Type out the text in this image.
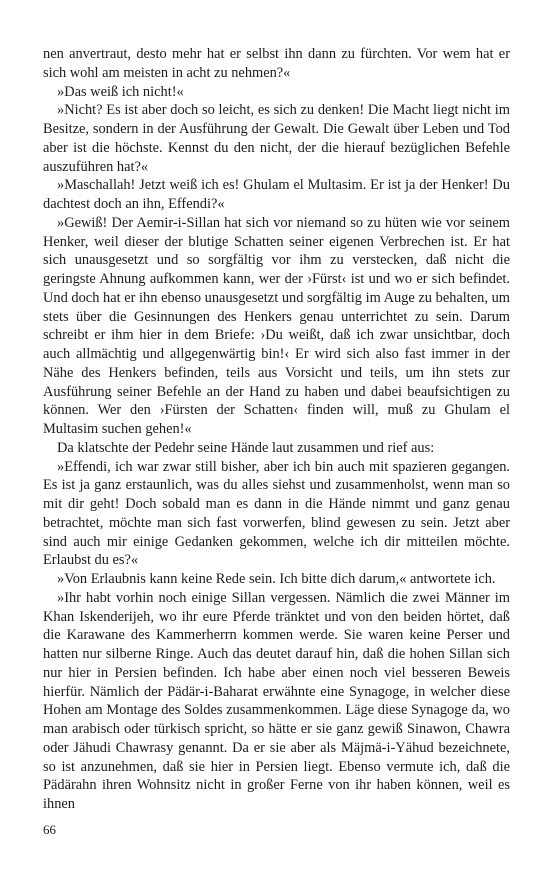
nen anvertraut, desto mehr hat er selbst ihn dann zu fürchten. Vor wem hat er sich wohl am meisten in acht zu nehmen?«

»Das weiß ich nicht!«

»Nicht? Es ist aber doch so leicht, es sich zu denken! Die Macht liegt nicht im Besitze, sondern in der Ausführung der Gewalt. Die Gewalt über Leben und Tod aber ist die höchste. Kennst du den nicht, der die hierauf bezüglichen Befehle auszuführen hat?«

»Maschallah! Jetzt weiß ich es! Ghulam el Multasim. Er ist ja der Henker! Du dachtest doch an ihn, Effendi?«

»Gewiß! Der Aemir-i-Sillan hat sich vor niemand so zu hüten wie vor seinem Henker, weil dieser der blutige Schatten seiner eigenen Verbrechen ist. Er hat sich unausgesetzt und so sorgfältig vor ihm zu verstecken, daß nicht die geringste Ahnung aufkommen kann, wer der ›Fürst‹ ist und wo er sich befindet. Und doch hat er ihn ebenso unausgesetzt und sorgfältig im Auge zu behalten, um stets über die Gesinnungen des Henkers genau unterrichtet zu sein. Darum schreibt er ihm hier in dem Briefe: ›Du weißt, daß ich zwar unsichtbar, doch auch allmächtig und allgegenwärtig bin!‹ Er wird sich also fast immer in der Nähe des Henkers befinden, teils aus Vorsicht und teils, um ihn stets zur Ausführung seiner Befehle an der Hand zu haben und dabei beaufsichtigen zu können. Wer den ›Fürsten der Schatten‹ finden will, muß zu Ghulam el Multasim suchen gehen!«

Da klatschte der Pedehr seine Hände laut zusammen und rief aus:

»Effendi, ich war zwar still bisher, aber ich bin auch mit spazieren gegangen. Es ist ja ganz erstaunlich, was du alles siehst und zusammenholst, wenn man so mit dir geht! Doch sobald man es dann in die Hände nimmt und ganz genau betrachtet, möchte man sich fast vorwerfen, blind gewesen zu sein. Jetzt aber sind auch mir einige Gedanken gekommen, welche ich dir mitteilen möchte. Erlaubst du es?«

»Von Erlaubnis kann keine Rede sein. Ich bitte dich darum,« antwortete ich.

»Ihr habt vorhin noch einige Sillan vergessen. Nämlich die zwei Männer im Khan Iskenderijeh, wo ihr eure Pferde tränktet und von den beiden hörtet, daß die Karawane des Kammerherrn kommen werde. Sie waren keine Perser und hatten nur silberne Ringe. Auch das deutet darauf hin, daß die hohen Sillan sich nur hier in Persien befinden. Ich habe aber einen noch viel besseren Beweis hierfür. Nämlich der Pädär-i-Baharat erwähnte eine Synagoge, in welcher diese Hohen am Montage des Soldes zusammenkommen. Läge diese Synagoge da, wo man arabisch oder türkisch spricht, so hätte er sie ganz gewiß Sinawon, Chawra oder Jähudi Chawrasy genannt. Da er sie aber als Mäjmä-i-Yähud bezeichnete, so ist anzunehmen, daß sie hier in Persien liegt. Ebenso vermute ich, daß die Pädärahn ihren Wohnsitz nicht in großer Ferne von ihr haben können, weil es ihnen

66
